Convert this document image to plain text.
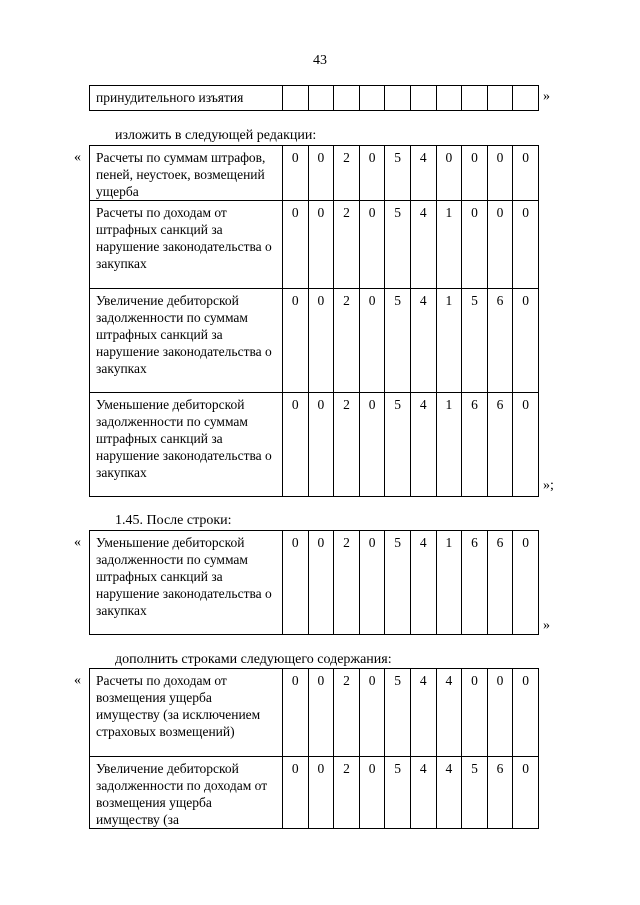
43
принудительного изъятия											»
изложить в следующей редакции:
« Расчеты по суммам штрафов, пеней, неустоек, возмещений ущерба	0	0	2	0	5	4	0	0	0	0
Расчеты по доходам от штрафных санкций за нарушение законодательства о закупках	0	0	2	0	5	4	1	0	0	0
Увеличение дебиторской задолженности по суммам штрафных санкций за нарушение законодательства о закупках	0	0	2	0	5	4	1	5	6	0
Уменьшение дебиторской задолженности по суммам штрафных санкций за нарушение законодательства о закупках	0	0	2	0	5	4	1	6	6	0
»;
1.45. После строки:
« Уменьшение дебиторской задолженности по суммам штрафных санкций за нарушение законодательства о закупках	0	0	2	0	5	4	1	6	6	0
»
дополнить строками следующего содержания:
« Расчеты по доходам от возмещения ущерба имуществу (за исключением страховых возмещений)	0	0	2	0	5	4	4	0	0	0
Увеличение дебиторской задолженности по доходам от возмещения ущерба имуществу (за	0	0	2	0	5	4	4	5	6	0
